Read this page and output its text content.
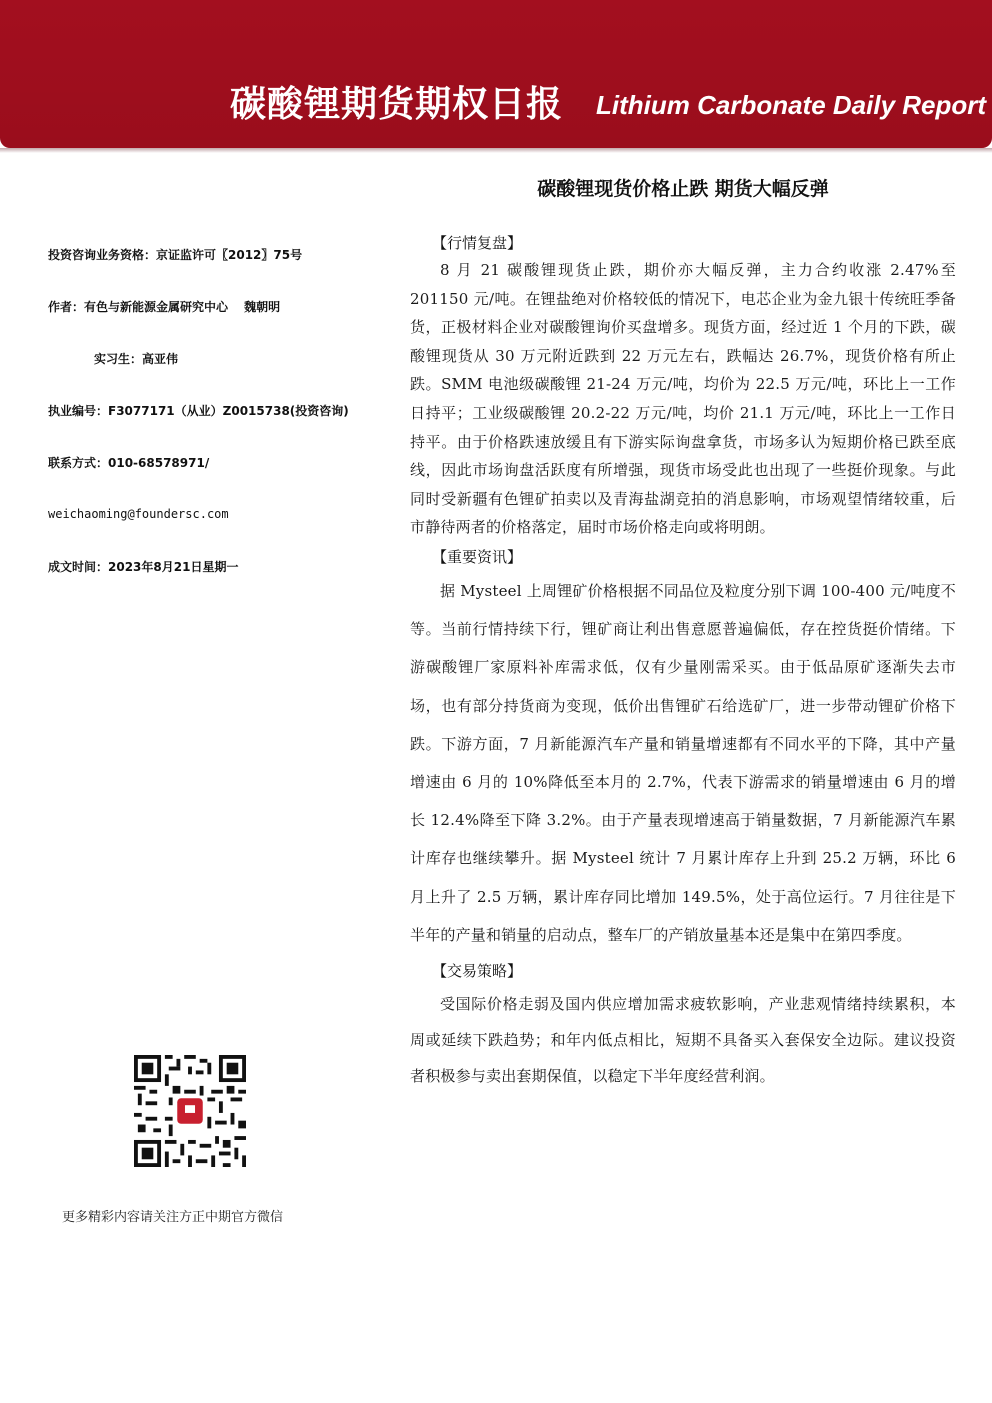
碳酸锂期货期权日报 Lithium Carbonate Daily Report
碳酸锂现货价格止跌 期货大幅反弹
投资咨询业务资格：京证监许可〖2012〗75号
作者：有色与新能源金属研究中心　 魏朝明
实习生：高亚伟
执业编号：F3077171（从业）Z0015738(投资咨询)
联系方式：010-68578971/
weichaoming@foundersc.com
成文时间：2023年8月21日星期一
更多精彩内容请关注方正中期官方微信
【行情复盘】
8 月 21 碳酸锂现货止跌，期价亦大幅反弹，主力合约收涨 2.47%至 201150 元/吨。在锂盐绝对价格较低的情况下，电芯企业为金九银十传统旺季备货，正极材料企业对碳酸锂询价买盘增多。现货方面，经过近 1 个月的下跌，碳酸锂现货从 30 万元附近跌到 22 万元左右，跌幅达 26.7%，现货价格有所止跌。SMM 电池级碳酸锂 21-24 万元/吨，均价为 22.5 万元/吨，环比上一工作日持平；工业级碳酸锂 20.2-22 万元/吨，均价 21.1 万元/吨，环比上一工作日持平。由于价格跌速放缓且有下游实际询盘拿货，市场多认为短期价格已跌至底线，因此市场询盘活跃度有所增强，现货市场受此也出现了一些挺价现象。与此同时受新疆有色锂矿拍卖以及青海盐湖竞拍的消息影响，市场观望情绪较重，后市静待两者的价格落定，届时市场价格走向或将明朗。
【重要资讯】
据 Mysteel 上周锂矿价格根据不同品位及粒度分别下调 100-400 元/吨度不等。当前行情持续下行，锂矿商让利出售意愿普遍偏低，存在控货挺价情绪。下游碳酸锂厂家原料补库需求低，仅有少量刚需采买。由于低品原矿逐渐失去市场，也有部分持货商为变现，低价出售锂矿石给选矿厂，进一步带动锂矿价格下跌。下游方面，7 月新能源汽车产量和销量增速都有不同水平的下降，其中产量增速由 6 月的 10%降低至本月的 2.7%，代表下游需求的销量增速由 6 月的增长 12.4%降至下降 3.2%。由于产量表现增速高于销量数据，7 月新能源汽车累计库存也继续攀升。据 Mysteel 统计 7 月累计库存上升到 25.2 万辆，环比 6 月上升了 2.5 万辆，累计库存同比增加 149.5%，处于高位运行。7 月往往是下半年的产量和销量的启动点，整车厂的产销放量基本还是集中在第四季度。
【交易策略】
受国际价格走弱及国内供应增加需求疲软影响，产业悲观情绪持续累积，本周或延续下跌趋势；和年内低点相比，短期不具备买入套保安全边际。建议投资者积极参与卖出套期保值，以稳定下半年度经营利润。
